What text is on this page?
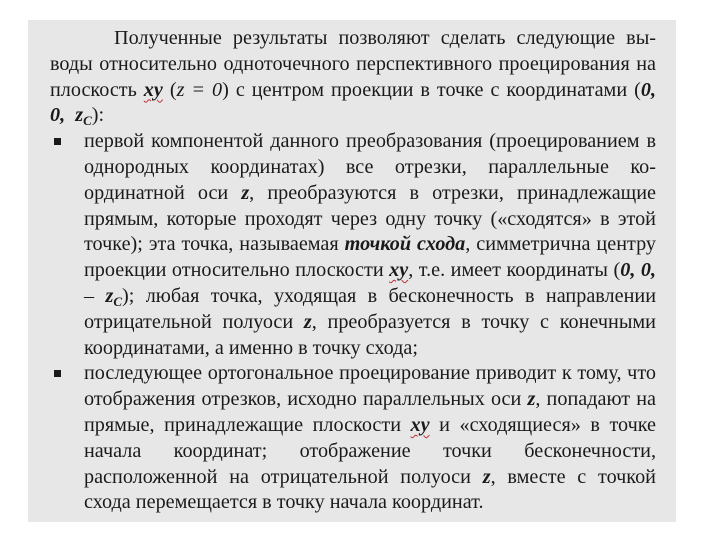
Полученные результаты позволяют сделать следующие выводы относительно одноточечного перспективного проецирования на плоскость xy (z = 0) с центром проекции в точке с координатами (0, 0, $z_C$):

первой компонентой данного преобразования (проецированием в однородных координатах) все отрезки, параллельные координатной оси z, преобразуются в отрезки, принадлежащие прямым, которые проходят через одну точку («сходятся» в этой точке); эта точка, называемая точкой схода, симметрична центру проекции относительно плоскости xy, т.е. имеет координаты (0, 0, – $z_C$); любая точка, уходящая в бесконечность в направлении отрицательной полуоси z, преобразуется в точку с конечными координатами, а именно в точку схода;

последующее ортогональное проецирование приводит к тому, что отображения отрезков, исходно параллельных оси z, попадают на прямые, принадлежащие плоскости xy и «сходящиеся» в точке начала координат; отображение точки бесконечности, расположенной на отрицательной полуоси z, вместе с точкой схода перемещается в точку начала координат.
